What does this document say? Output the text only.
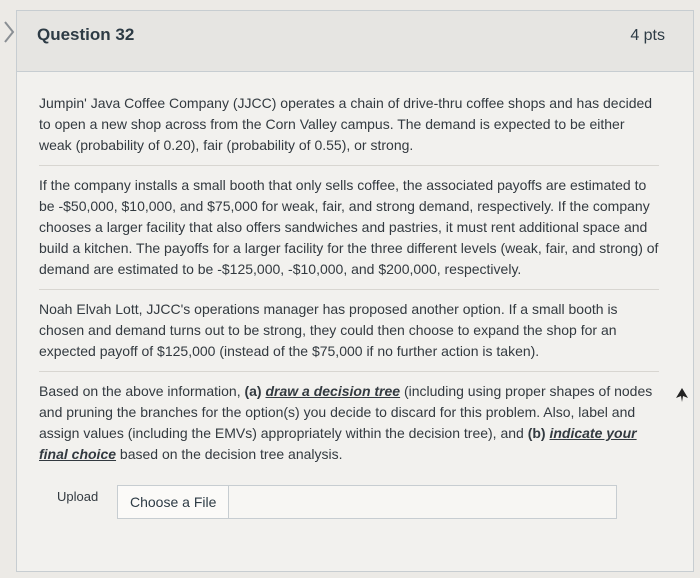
Question 32	4 pts

Jumpin' Java Coffee Company (JJCC) operates a chain of drive-thru coffee shops and has decided to open a new shop across from the Corn Valley campus. The demand is expected to be either weak (probability of 0.20), fair (probability of 0.55), or strong.

If the company installs a small booth that only sells coffee, the associated payoffs are estimated to be -$50,000, $10,000, and $75,000 for weak, fair, and strong demand, respectively. If the company chooses a larger facility that also offers sandwiches and pastries, it must rent additional space and build a kitchen. The payoffs for a larger facility for the three different levels (weak, fair, and strong) of demand are estimated to be -$125,000, -$10,000, and $200,000, respectively.

Noah Elvah Lott, JJCC's operations manager has proposed another option. If a small booth is chosen and demand turns out to be strong, they could then choose to expand the shop for an expected payoff of $125,000 (instead of the $75,000 if no further action is taken).

Based on the above information, (a) draw a decision tree (including using proper shapes of nodes and pruning the branches for the option(s) you decide to discard for this problem. Also, label and assign values (including the EMVs) appropriately within the decision tree), and (b) indicate your final choice based on the decision tree analysis.

Upload	Choose a File
